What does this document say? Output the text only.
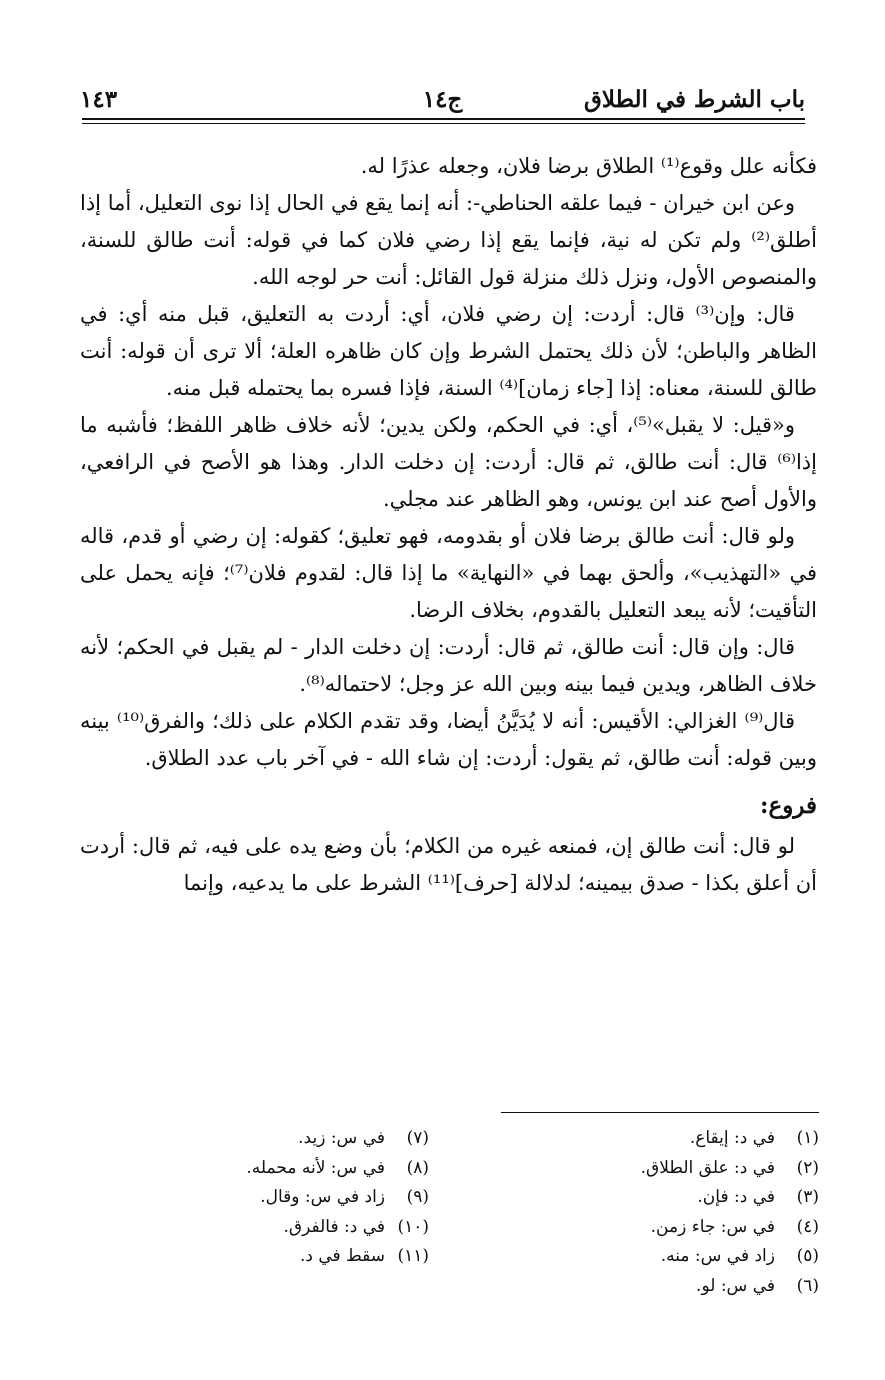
باب الشرط في الطلاق
ج١٤
١٤٣

فكأنه علل وقوع⁽¹⁾ الطلاق برضا فلان، وجعله عذرًا له.

وعن ابن خيران - فيما علقه الحناطي-: أنه إنما يقع في الحال إذا نوى التعليل، أما إذا أطلق⁽²⁾ ولم تكن له نية، فإنما يقع إذا رضي فلان كما في قوله: أنت طالق للسنة، والمنصوص الأول، ونزل ذلك منزلة قول القائل: أنت حر لوجه الله.

قال: وإن⁽³⁾ قال: أردت: إن رضي فلان، أي: أردت به التعليق، قبل منه أي: في الظاهر والباطن؛ لأن ذلك يحتمل الشرط وإن كان ظاهره العلة؛ ألا ترى أن قوله: أنت طالق للسنة، معناه: إذا [جاء زمان]⁽⁴⁾ السنة، فإذا فسره بما يحتمله قبل منه.

و«قيل: لا يقبل»⁽⁵⁾، أي: في الحكم، ولكن يدين؛ لأنه خلاف ظاهر اللفظ؛ فأشبه ما إذا⁽⁶⁾ قال: أنت طالق، ثم قال: أردت: إن دخلت الدار. وهذا هو الأصح في الرافعي، والأول أصح عند ابن يونس، وهو الظاهر عند مجلي.

ولو قال: أنت طالق برضا فلان أو بقدومه، فهو تعليق؛ كقوله: إن رضي أو قدم، قاله في «التهذيب»، وألحق بهما في «النهاية» ما إذا قال: لقدوم فلان⁽⁷⁾؛ فإنه يحمل على التأقيت؛ لأنه يبعد التعليل بالقدوم، بخلاف الرضا.

قال: وإن قال: أنت طالق، ثم قال: أردت: إن دخلت الدار - لم يقبل في الحكم؛ لأنه خلاف الظاهر، ويدين فيما بينه وبين الله عز وجل؛ لاحتماله⁽⁸⁾.

قال⁽⁹⁾ الغزالي: الأقيس: أنه لا يُدَيَّنُ أيضا، وقد تقدم الكلام على ذلك؛ والفرق⁽¹⁰⁾ بينه وبين قوله: أنت طالق، ثم يقول: أردت: إن شاء الله - في آخر باب عدد الطلاق.

فروع:

لو قال: أنت طالق إن، فمنعه غيره من الكلام؛ بأن وضع يده على فيه، ثم قال: أردت أن أعلق بكذا - صدق بيمينه؛ لدلالة [حرف]⁽¹¹⁾ الشرط على ما يدعيه، وإنما

(١)في د: إيقاع.
(٢)في د: علق الطلاق.
(٣)في د: فإن.
(٤)في س: جاء زمن.
(٥)زاد في س: منه.
(٦)في س: لو.
(٧)في س: زيد.
(٨)في س: لأنه محمله.
(٩)زاد في س: وقال.
(١٠)في د: فالفرق.
(١١)سقط في د.
